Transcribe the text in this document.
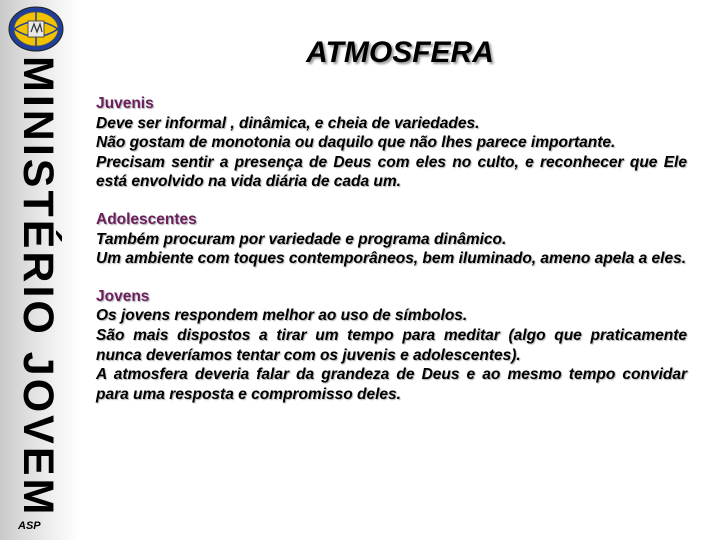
MINISTÉRIO JOVEM
ASP
ATMOSFERA
Juvenis
Deve ser informal , dinâmica, e cheia de variedades.
Não gostam de monotonia ou daquilo que não lhes parece importante.
Precisam sentir a presença de Deus com eles no culto, e reconhecer que Ele está envolvido na vida diária de cada um.
Adolescentes
Também procuram por variedade e programa dinâmico.
Um ambiente com toques contemporâneos, bem iluminado, ameno apela a eles.
Jovens
Os jovens respondem melhor ao uso de símbolos.
São mais dispostos a tirar um tempo para meditar (algo que praticamente nunca deveríamos tentar com os juvenis e adolescentes).
A atmosfera deveria falar da grandeza de Deus e ao mesmo tempo convidar para uma resposta e compromisso deles.
